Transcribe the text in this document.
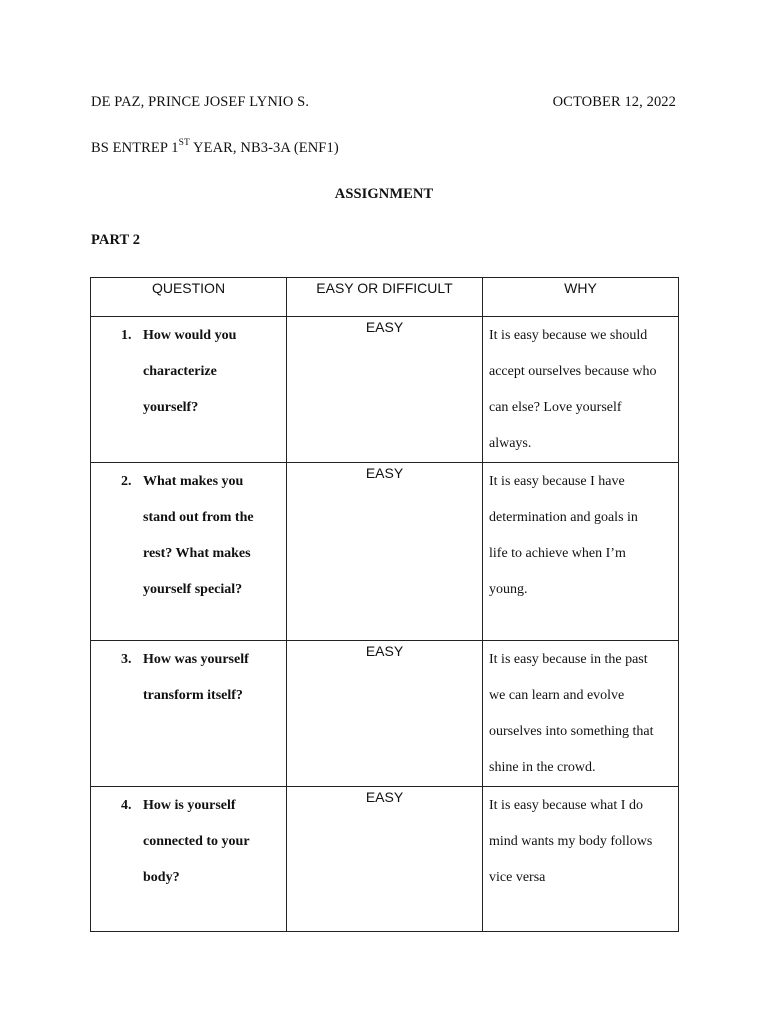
DE PAZ, PRINCE JOSEF LYNIO S.	OCTOBER 12, 2022
BS ENTREP 1ST YEAR, NB3-3A (ENF1)
ASSIGNMENT
PART 2
QUESTION	EASY OR DIFFICULT	WHY

1. How would you
characterize
yourself?	EASY	It is easy because we should
accept ourselves because who
can else? Love yourself
always.

2. What makes you
stand out from the
rest? What makes
yourself special?	EASY	It is easy because I have
determination and goals in
life to achieve when I’m
young.

3. How was yourself
transform itself?	EASY	It is easy because in the past
we can learn and evolve
ourselves into something that
shine in the crowd.

4. How is yourself
connected to your
body?	EASY	It is easy because what I do
mind wants my body follows
vice versa
